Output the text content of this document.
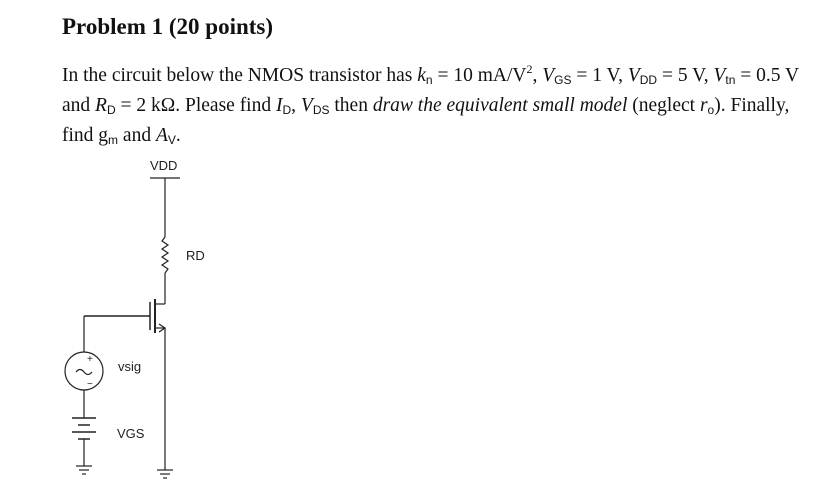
Problem 1 (20 points)
In the circuit below the NMOS transistor has $k_n = 10$ $mA/V^2$, $V_{GS} = 1$ V, $V_{DD} = 5$ V, $V_{tn} = 0.5$ V and $R_D = 2$ kΩ. Please find $I_D$, $V_{DS}$ then draw the equivalent small model (neglect $r_o$). Finally, find $g_m$ and $A_V$.
VDD
RD
+
−
vsig
VGS
